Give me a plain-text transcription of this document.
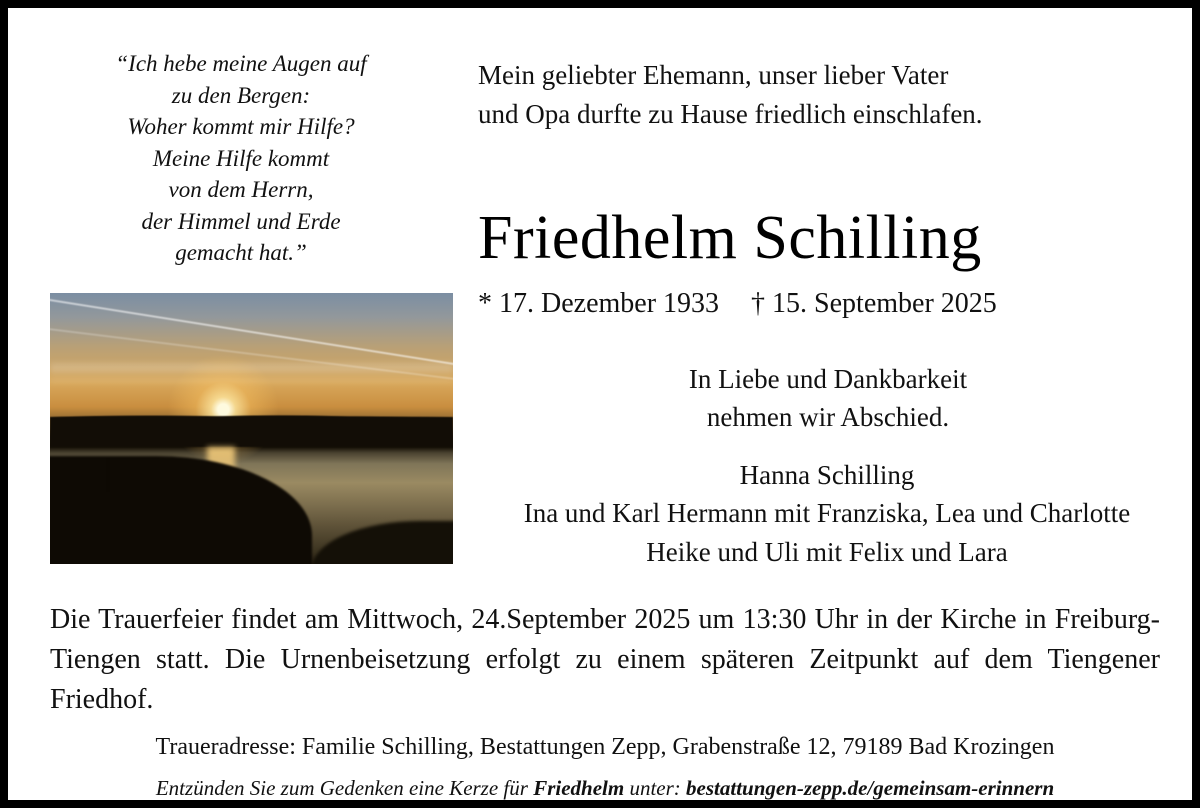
“Ich hebe meine Augen auf
zu den Bergen:
Woher kommt mir Hilfe?
Meine Hilfe kommt
von dem Herrn,
der Himmel und Erde
gemacht hat.”
Mein geliebter Ehemann, unser lieber Vater
und Opa durfte zu Hause friedlich einschlafen.
Friedhelm Schilling
* 17. Dezember 1933 † 15. September 2025
In Liebe und Dankbarkeit
nehmen wir Abschied.
Hanna Schilling
Ina und Karl Hermann mit Franziska, Lea und Charlotte
Heike und Uli mit Felix und Lara
Die Trauerfeier findet am Mittwoch, 24.September 2025 um 13:30 Uhr in der Kirche in Freiburg-Tiengen statt. Die Urnenbeisetzung erfolgt zu einem späteren Zeitpunkt auf dem Tiengener Friedhof.
Traueradresse: Familie Schilling, Bestattungen Zepp, Grabenstraße 12, 79189 Bad Krozingen
Entzünden Sie zum Gedenken eine Kerze für Friedhelm unter: bestattungen-zepp.de/gemeinsam-erinnern
